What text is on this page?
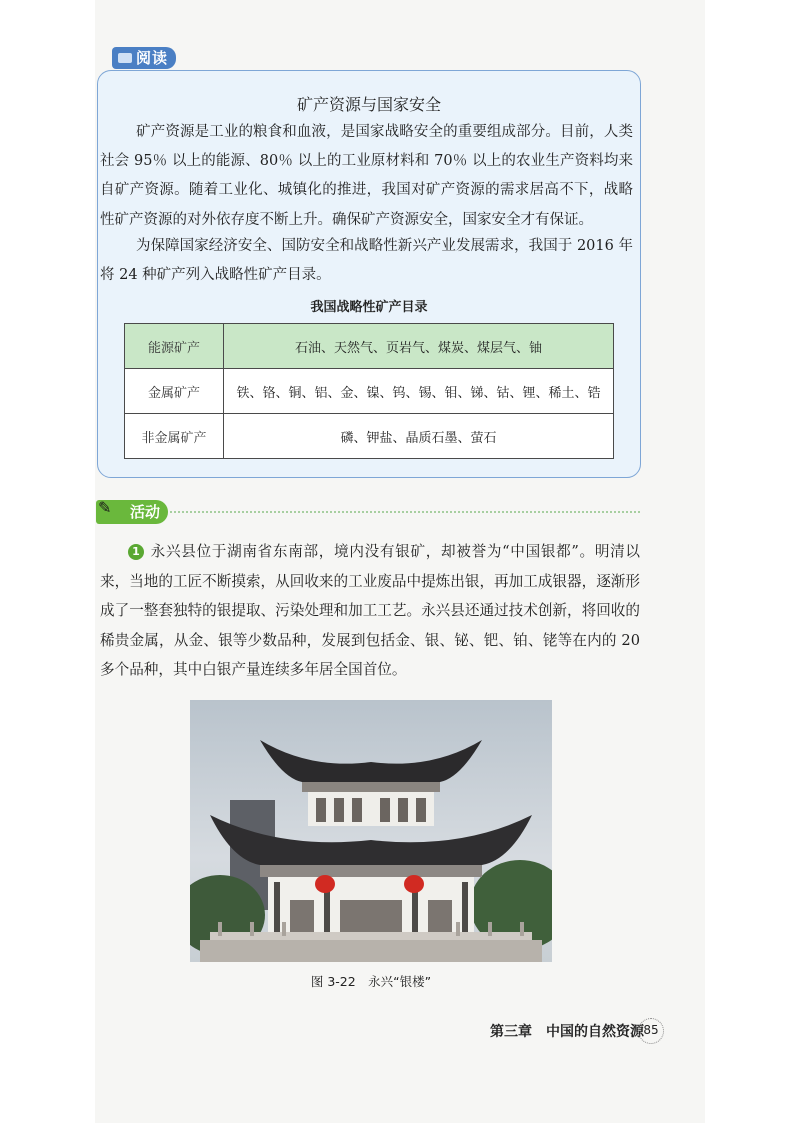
阅读
矿产资源与国家安全

矿产资源是工业的粮食和血液，是国家战略安全的重要组成部分。目前，人类社会 95％ 以上的能源、80％ 以上的工业原材料和 70％ 以上的农业生产资料均来自矿产资源。随着工业化、城镇化的推进，我国对矿产资源的需求居高不下，战略性矿产资源的对外依存度不断上升。确保矿产资源安全，国家安全才有保证。

为保障国家经济安全、国防安全和战略性新兴产业发展需求，我国于 2016 年将 24 种矿产列入战略性矿产目录。

我国战略性矿产目录
能源矿产	石油、天然气、页岩气、煤炭、煤层气、铀
金属矿产	铁、铬、铜、铝、金、镍、钨、锡、钼、锑、钴、锂、稀土、锆
非金属矿产	磷、钾盐、晶质石墨、萤石
✎ 活动

1 永兴县位于湖南省东南部，境内没有银矿，却被誉为“中国银都”。明清以来，当地的工匠不断摸索，从回收来的工业废品中提炼出银，再加工成银器，逐渐形成了一整套独特的银提取、污染处理和加工工艺。永兴县还通过技术创新，将回收的稀贵金属，从金、银等少数品种，发展到包括金、银、铋、钯、铂、铑等在内的 20 多个品种，其中白银产量连续多年居全国首位。

图 3-22　永兴“银楼”
第三章　中国的自然资源 85
